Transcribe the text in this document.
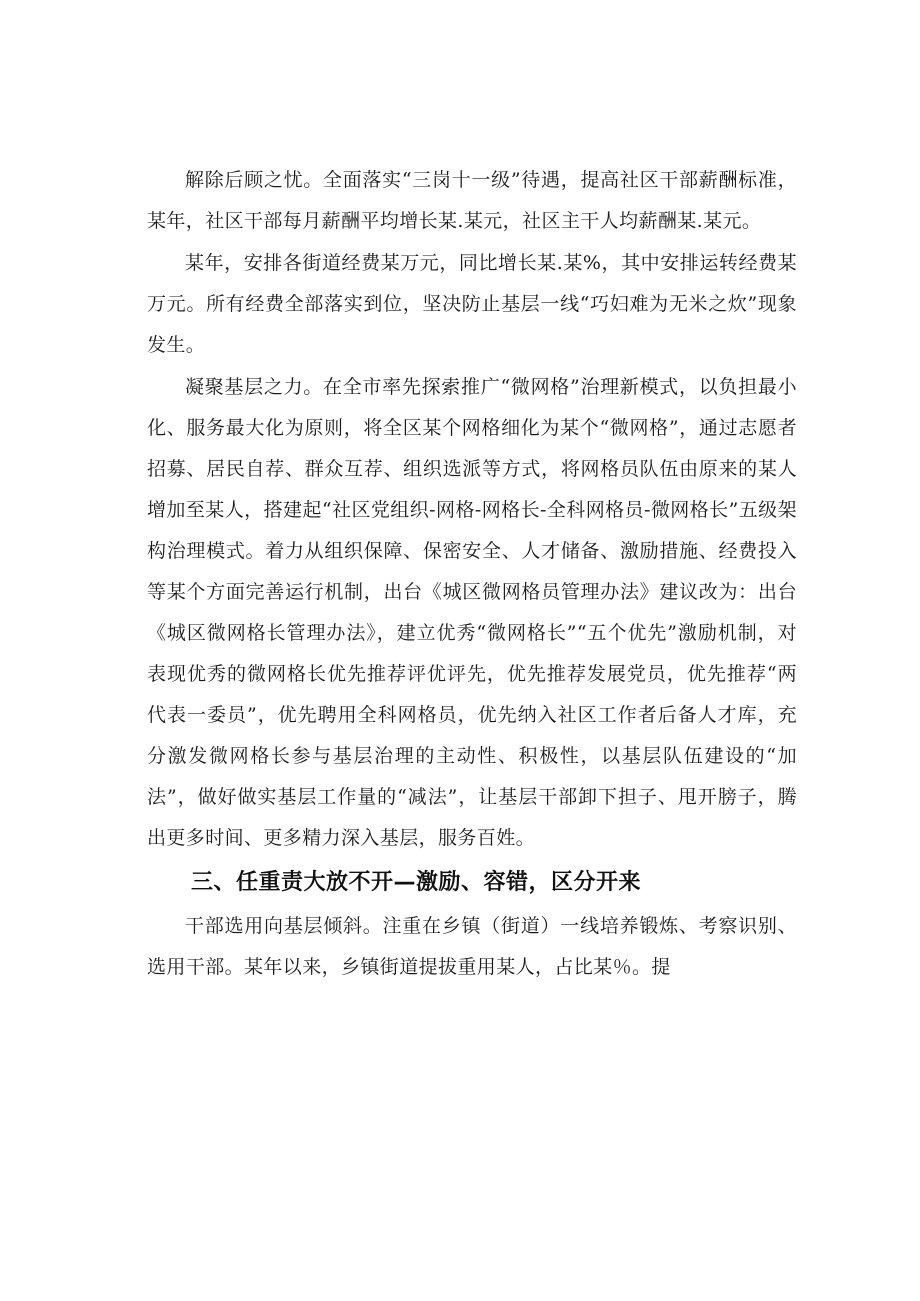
解除后顾之忧。全面落实“三岗十一级”待遇，提高社区干部薪酬标准，某年，社区干部每月薪酬平均增长某.某元，社区主干人均薪酬某.某元。

某年，安排各街道经费某万元，同比增长某.某%，其中安排运转经费某万元。所有经费全部落实到位，坚决防止基层一线“巧妇难为无米之炊”现象发生。

凝聚基层之力。在全市率先探索推广“微网格”治理新模式，以负担最小化、服务最大化为原则，将全区某个网格细化为某个“微网格”，通过志愿者招募、居民自荐、群众互荐、组织选派等方式，将网格员队伍由原来的某人增加至某人，搭建起“社区党组织-网格-网格长-全科网格员-微网格长”五级架构治理模式。着力从组织保障、保密安全、人才储备、激励措施、经费投入等某个方面完善运行机制，出台《城区微网格员管理办法》建议改为：出台《城区微网格长管理办法》，建立优秀“微网格长”“五个优先”激励机制，对表现优秀的微网格长优先推荐评优评先，优先推荐发展党员，优先推荐“两代表一委员”，优先聘用全科网格员，优先纳入社区工作者后备人才库，充分激发微网格长参与基层治理的主动性、积极性，以基层队伍建设的“加法”，做好做实基层工作量的“减法”，让基层干部卸下担子、甩开膀子，腾出更多时间、更多精力深入基层，服务百姓。

三、任重责大放不开—激励、容错，区分开来

干部选用向基层倾斜。注重在乡镇（街道）一线培养锻炼、考察识别、选用干部。某年以来，乡镇街道提拔重用某人，占比某％。提
